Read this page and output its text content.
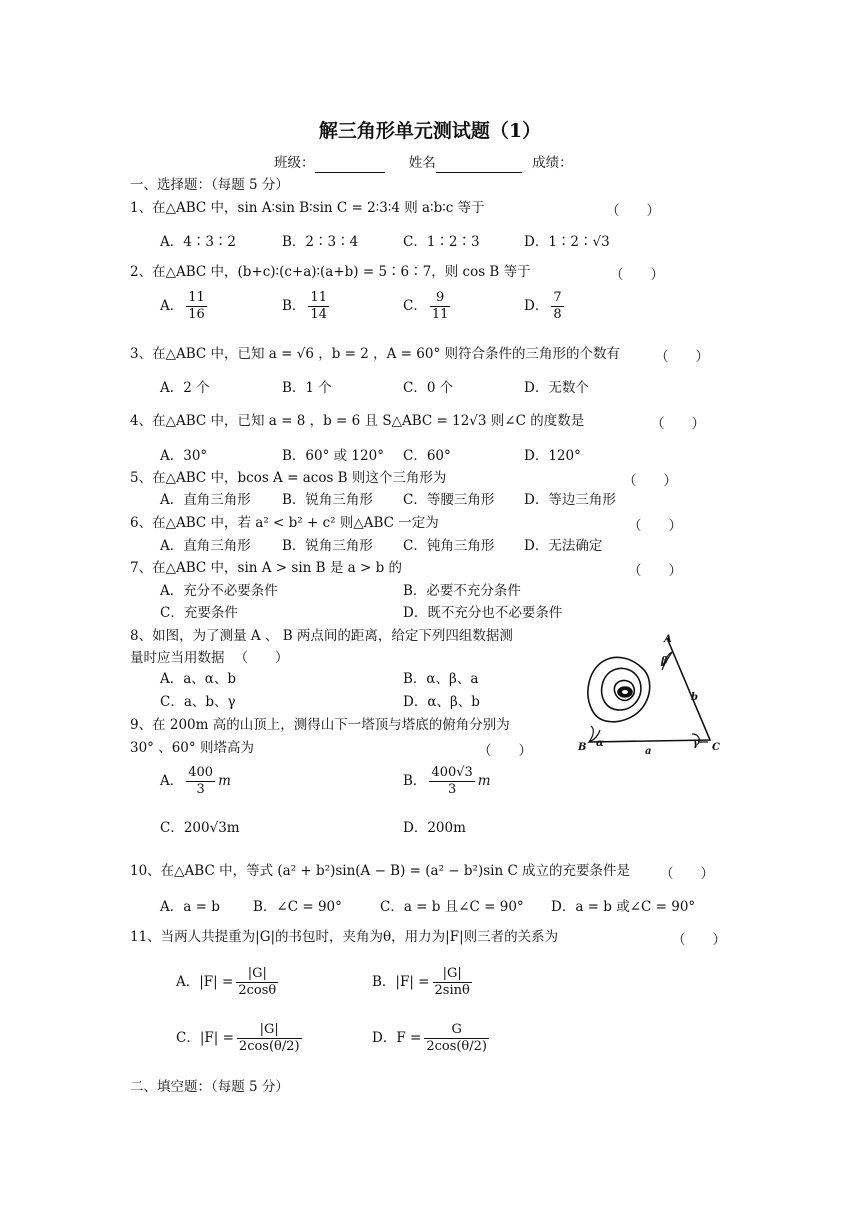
解三角形单元测试题（1）
班级：	姓名	成绩：
一、选择题：（每题 5 分）
1、在△ABC 中，sin A∶sin B∶sin C = 2∶3∶4 则 a∶b∶c 等于	（　　）
A．4∶3∶2	B．2∶3∶4	C．1∶2∶3	D．1∶2∶√3
2、在△ABC 中，(b+c)∶(c+a)∶(a+b) = 5∶6∶7，则 cos B 等于	（　　）
A． $\frac{11}{16}$	B． $\frac{11}{14}$	C． $\frac{9}{11}$	D． $\frac{7}{8}$
3、在△ABC 中，已知 a = √6 ，b = 2 ，A = 60° 则符合条件的三角形的个数有	（　　）
A．2 个	B．1 个	C．0 个	D．无数个
4、在△ABC 中，已知 a = 8 ，b = 6 且 S△ABC = 12√3 则∠C 的度数是	（　　）
A．30°	B．60° 或 120° C．60°	D．120°
5、在△ABC 中，bcos A = acos B 则这个三角形为	（　　）
A．直角三角形 B．锐角三角形 C．等腰三角形 D．等边三角形
6、在△ABC 中，若 a² < b² + c² 则△ABC 一定为	（　　）
A．直角三角形 B．锐角三角形 C．钝角三角形 D．无法确定
7、在△ABC 中，sin A > sin B 是 a > b 的	（　　）
A．充分不必要条件	B．必要不充分条件
C．充要条件	D．既不充分也不必要条件
8、如图，为了测量 A 、 B 两点间的距离，给定下列四组数据测
量时应当用数据 （　　）
A．a、α、b	B．α、β、a
C．a、b、γ	D．α、β、b
A
B	C
a
b
α
β
γ
9、在 200m 高的山顶上，测得山下一塔顶与塔底的俯角分别为
30° 、60° 则塔高为	（　　）
A． $\frac{400}{3}$ m	B． $\frac{400√3}{3}$ m
C．200√3m	D．200m
10、在△ABC 中，等式 (a² + b²)sin(A − B) = (a² − b²)sin C 成立的充要条件是 （　　）
A．a = b B．∠C = 90°	C．a = b 且∠C = 90° D．a = b 或∠C = 90°
11、当两人共提重为|G|的书包时，夹角为θ，用力为|F|则三者的关系为	（　　）
A．$|F| = \frac{|G|}{2\cos\theta}$	B．$|F| = \frac{|G|}{2\sin\theta}$
C．$|F| = \frac{|G|}{2\cos(\theta/2)}$	D．$F = \frac{G}{2\cos(\theta/2)}$
二、填空题：（每题 5 分）
